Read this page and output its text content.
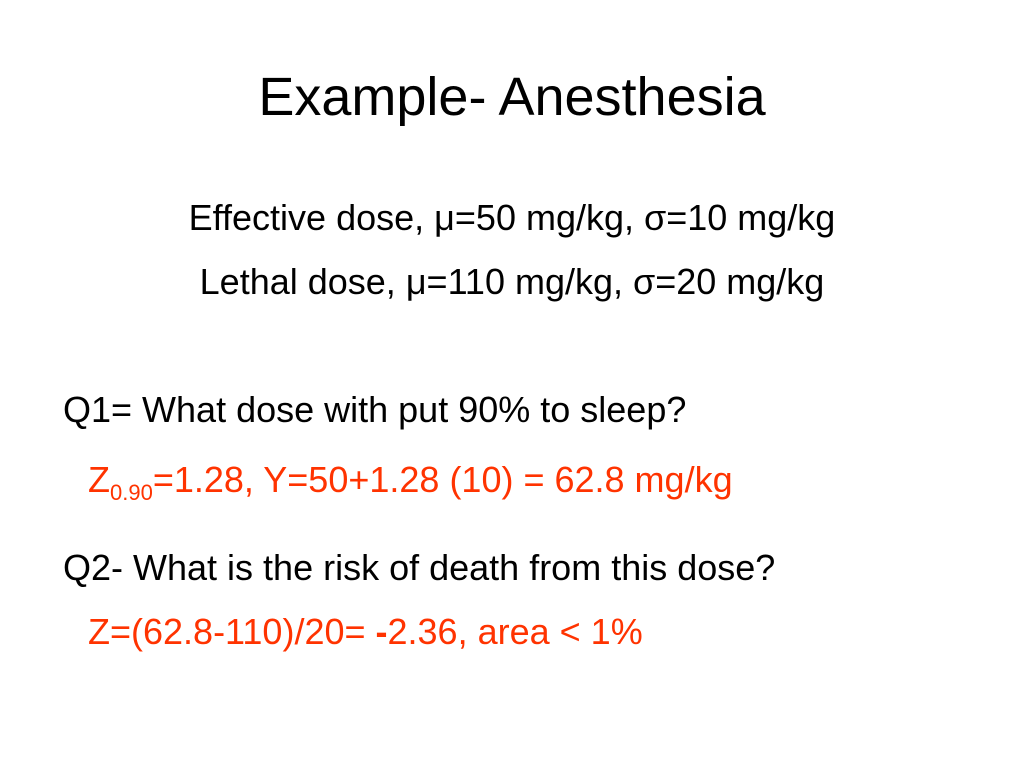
Example- Anesthesia
Effective dose, μ=50 mg/kg, σ=10 mg/kg
Lethal dose, μ=110 mg/kg, σ=20 mg/kg
Q1= What dose with put 90% to sleep?
$Z_{0.90}=1.28$, Y=50+1.28 (10) = 62.8 mg/kg
Q2- What is the risk of death from this dose?
Z=(62.8-110)/20= -2.36, area < 1%
